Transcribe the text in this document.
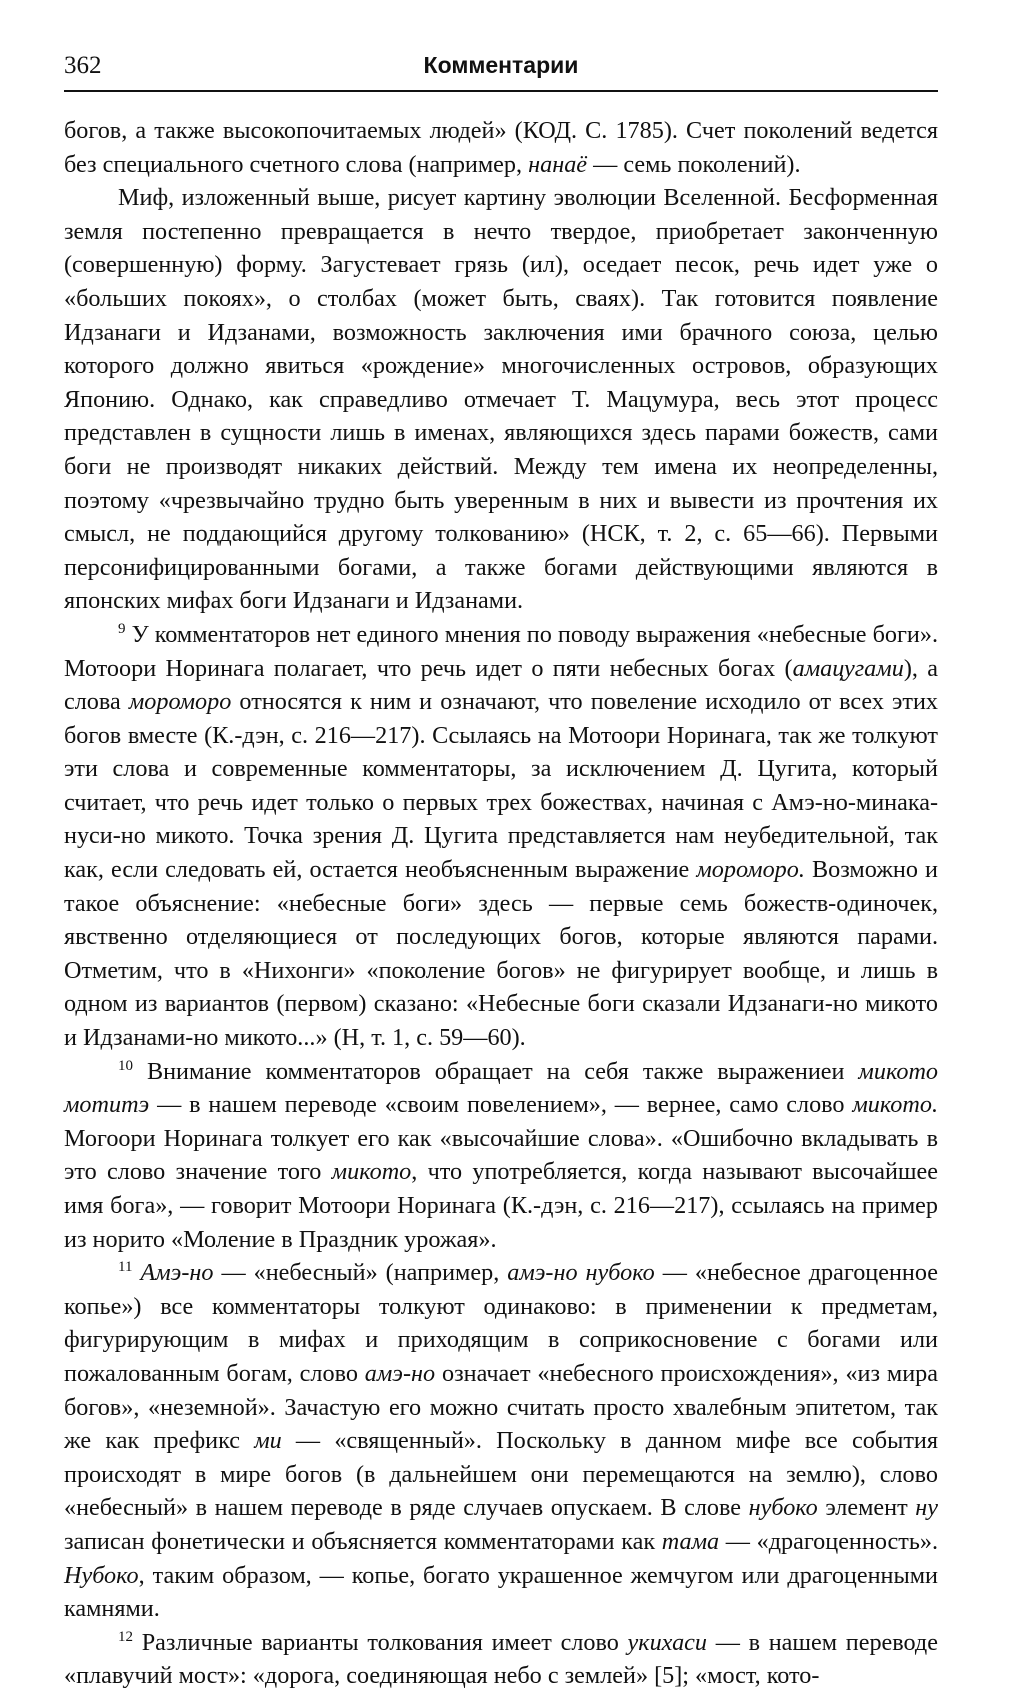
362	Комментарии

богов, а также высокопочитаемых людей» (КОД. С. 1785). Счет поколений ведется без специального счетного слова (например, нанаё — семь поколений).

Миф, изложенный выше, рисует картину эволюции Вселенной. Бесформенная земля постепенно превращается в нечто твердое, приобретает законченную (совершенную) форму. Загустевает грязь (ил), оседает песок, речь идет уже о «больших покоях», о столбах (может быть, сваях). Так готовится появление Идзанаги и Идзанами, возможность заключения ими брачного союза, целью которого должно явиться «рождение» многочисленных островов, образующих Японию. Однако, как справедливо отмечает Т. Мацумура, весь этот процесс представлен в сущности лишь в именах, являющихся здесь парами божеств, сами боги не производят никаких действий. Между тем имена их неопределенны, поэтому «чрезвычайно трудно быть уверенным в них и вывести из прочтения их смысл, не поддающийся другому толкованию» (НСК, т. 2, с. 65—66). Первыми персонифицированными богами, а также богами действующими являются в японских мифах боги Идзанаги и Идзанами.

$^9$ У комментаторов нет единого мнения по поводу выражения «небесные боги». Мотоори Норинага полагает, что речь идет о пяти небесных богах (амацугами), а слова мороморо относятся к ним и означают, что повеление исходило от всех этих богов вместе (К.-дэн, с. 216—217). Ссылаясь на Мотоори Норинага, так же толкуют эти слова и современные комментаторы, за исключением Д. Цугита, который считает, что речь идет только о первых трех божествах, начиная с Амэ-но-минака-нуси-но микото. Точка зрения Д. Цугита представляется нам неубедительной, так как, если следовать ей, остается необъясненным выражение мороморо. Возможно и такое объяснение: «небесные боги» здесь — первые семь божеств-одиночек, явственно отделяющиеся от последующих богов, которые являются парами. Отметим, что в «Нихонги» «поколение богов» не фигурирует вообще, и лишь в одном из вариантов (первом) сказано: «Небесные боги сказали Идзанаги-но микото и Идзанами-но микото...» (Н, т. 1, с. 59—60).

$^{10}$ Внимание комментаторов обращает на себя также выражениеи микото мотитэ — в нашем переводе «своим повелением», — вернее, само слово микото. Могоори Норинага толкует его как «высочайшие слова». «Ошибочно вкладывать в это слово значение того микото, что употребляется, когда называют высочайшее имя бога», — говорит Мотоори Норинага (К.-дэн, с. 216—217), ссылаясь на пример из норито «Моление в Праздник урожая».

$^{11}$ Амэ-но — «небесный» (например, амэ-но нубоко — «небесное драгоценное копье») все комментаторы толкуют одинаково: в применении к предметам, фигурирующим в мифах и приходящим в соприкосновение с богами или пожалованным богам, слово амэ-но означает «небесного происхождения», «из мира богов», «неземной». Зачастую его можно считать просто хвалебным эпитетом, так же как префикс ми — «священный». Поскольку в данном мифе все события происходят в мире богов (в дальнейшем они перемещаются на землю), слово «небесный» в нашем переводе в ряде случаев опускаем. В слове нубоко элемент ну записан фонетически и объясняется комментаторами как тама — «драгоценность». Нубоко, таким образом, — копье, богато украшенное жемчугом или драгоценными камнями.

$^{12}$ Различные варианты толкования имеет слово укихаси — в нашем переводе «плавучий мост»: «дорога, соединяющая небо с землей» [5]; «мост, кото-
